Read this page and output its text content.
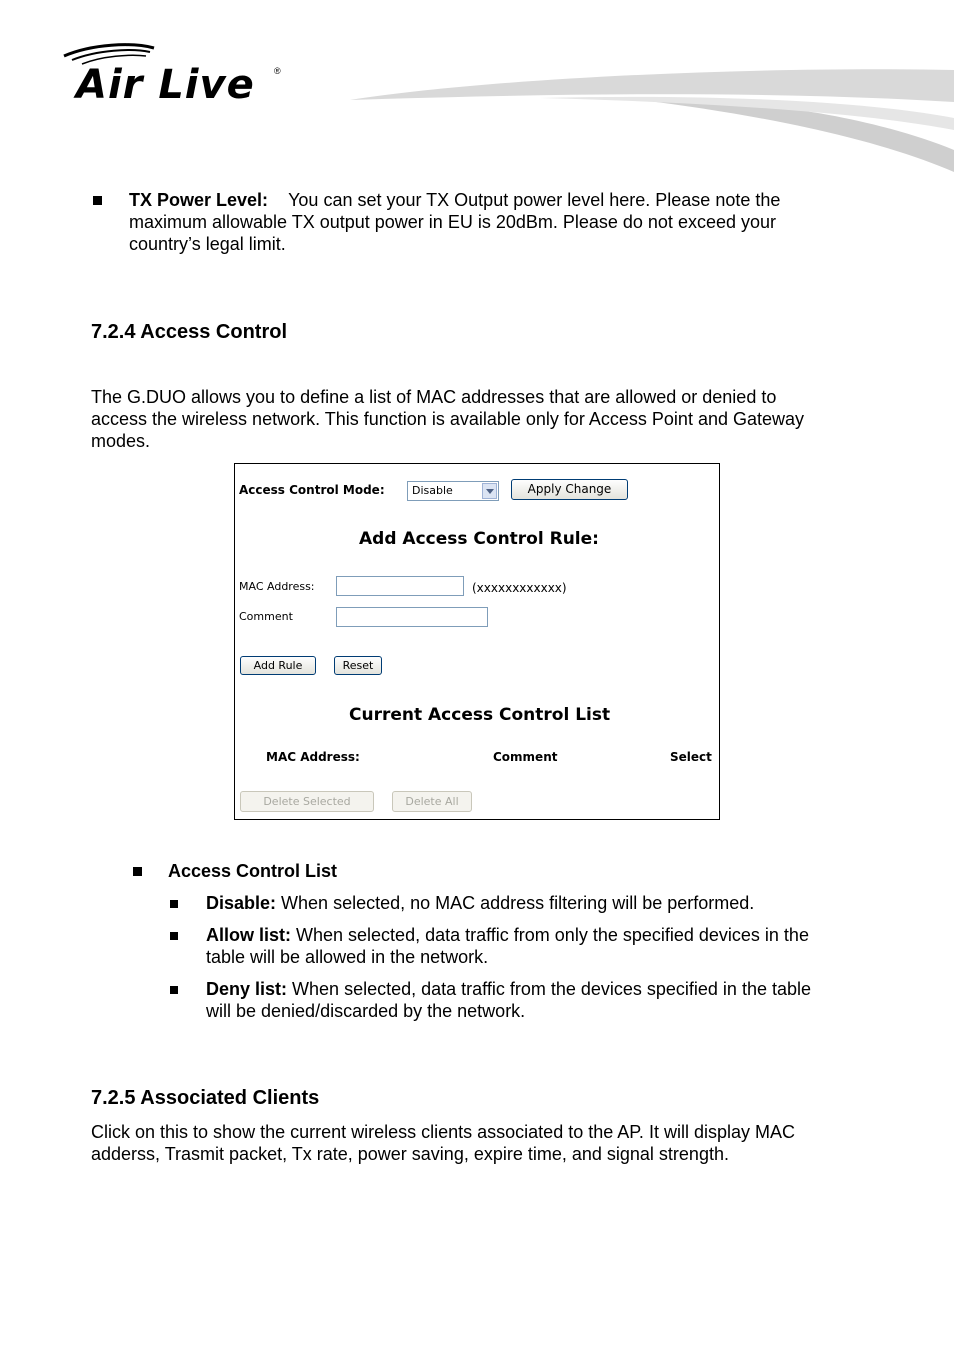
Air Live ®
TX Power Level: You can set your TX Output power level here. Please note the
maximum allowable TX output power in EU is 20dBm. Please do not exceed your
country’s legal limit.
7.2.4 Access Control
The G.DUO allows you to define a list of MAC addresses that are allowed or denied to
access the wireless network. This function is available only for Access Point and Gateway
modes.
Access Control Mode: Disable	Apply Change
Add Access Control Rule:
MAC Address:	(xxxxxxxxxxxx)
Comment
Add Rule	Reset
Current Access Control List
MAC Address:	Comment	Select
Delete Selected	Delete All
Access Control List
Disable: When selected, no MAC address filtering will be performed.
Allow list: When selected, data traffic from only the specified devices in the
table will be allowed in the network.
Deny list: When selected, data traffic from the devices specified in the table
will be denied/discarded by the network.
7.2.5 Associated Clients
Click on this to show the current wireless clients associated to the AP. It will display MAC
adderss, Trasmit packet, Tx rate, power saving, expire time, and signal strength.
